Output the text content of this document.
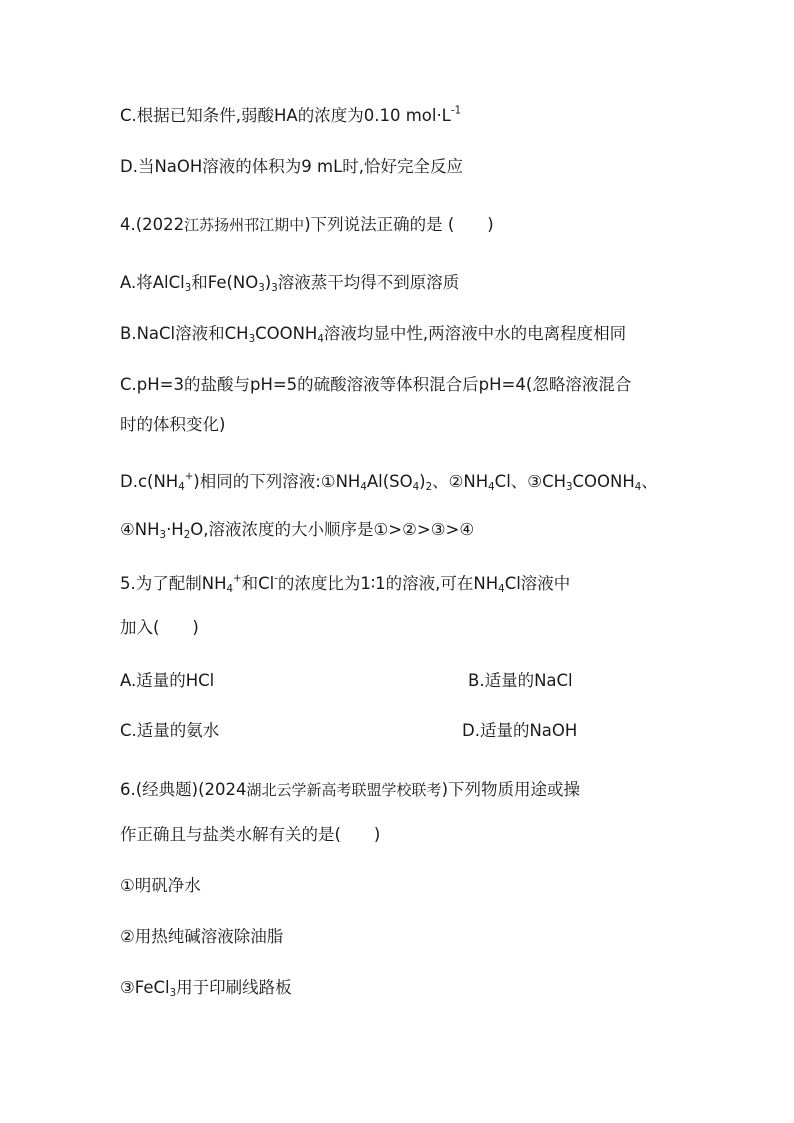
C.根据已知条件,弱酸HA的浓度为0.10 $mol\cdot L^{-1}$
D.当NaOH溶液的体积为9 mL时,恰好完全反应
4.(2022江苏扬州邗江期中)下列说法正确的是 (　　)
A.将AlCl$_3$和$Fe(NO_3)_3$溶液蒸干均得不到原溶质
B.NaCl溶液和$CH_3COONH_4$溶液均显中性,两溶液中水的电离程度相同
C.pH=3的盐酸与pH=5的硫酸溶液等体积混合后pH=4(忽略溶液混合
时的体积变化)
$D.c(NH_4^+)$相同的下列溶液$:①NH_4Al(SO_4)_2$、$②NH_4Cl$、$③CH_3COONH_4$、
$④NH_3\cdot H_2O$,溶液浓度的大小顺序是①>②>③>④
5.为了配制$NH_4^+$和Cl-的浓度比为1∶1的溶液,可在$NH_4Cl$溶液中
加入(　　)
A.适量的HCl	B.适量的NaCl
C.适量的氨水	D.适量的NaOH
6.(经典题)(2024湖北云学新高考联盟学校联考)下列物质用途或操
作正确且与盐类水解有关的是(　　)
①明矾净水
②用热纯碱溶液除油脂
③FeCl$_3$用于印刷线路板
